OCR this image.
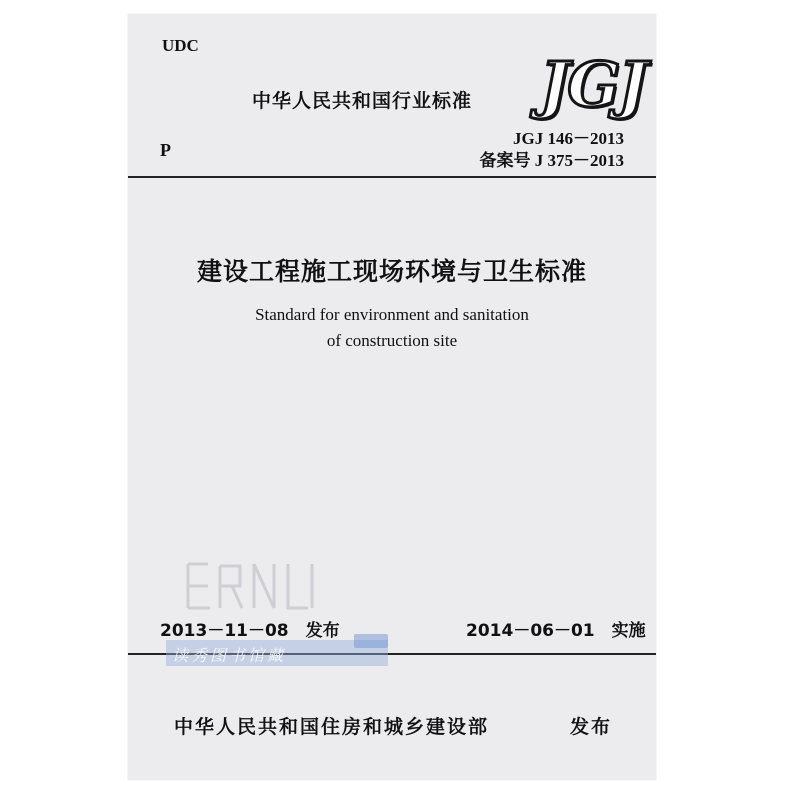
UDC
P
中华人民共和国行业标准 JGJ
JGJ 146－2013
备案号 J 375－2013
建设工程施工现场环境与卫生标准
Standard for environment and sanitation
of construction site
2013－11－08　发布	2014－06－01　实施
读秀图书馆藏
中华人民共和国住房和城乡建设部	发布
